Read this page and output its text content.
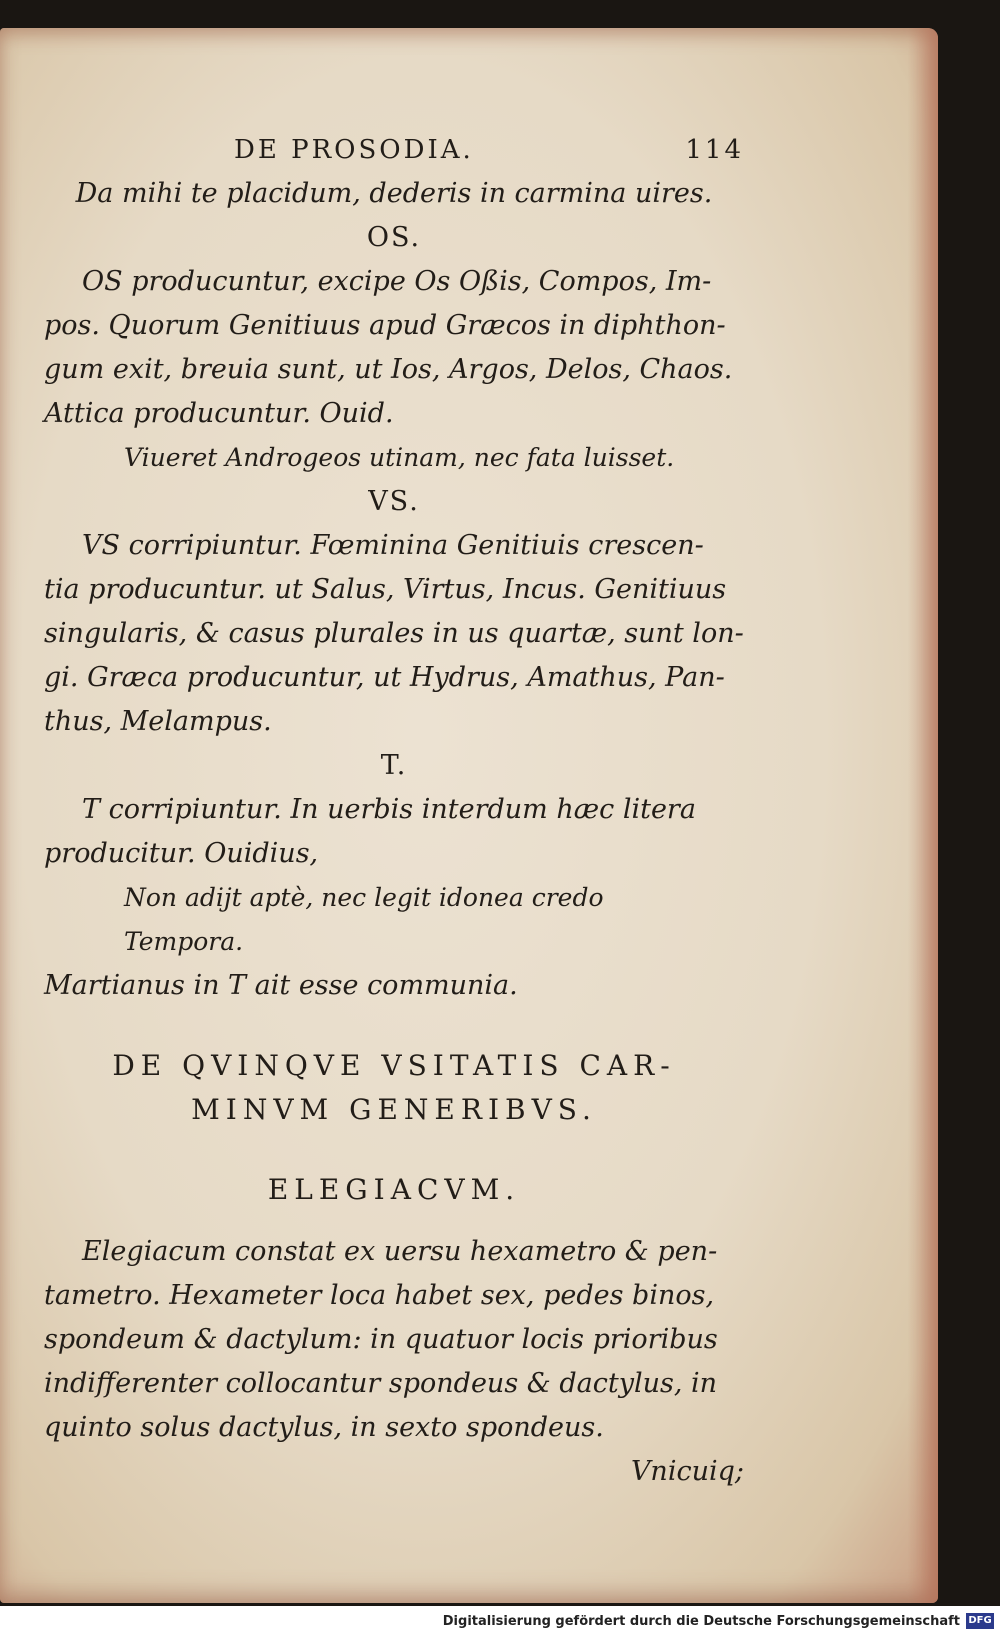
DE PROSODIA.	114
Da mihi te placidum, dederis in carmina uires.
OS.
OS producuntur, excipe Os Oßis, Compos, Im-
pos. Quorum Genitiuus apud Græcos in diphthon-
gum exit, breuia sunt, ut Ios, Argos, Delos, Chaos.
Attica producuntur. Ouid.
Viueret Androgeos utinam, nec fata luisset.
VS.
VS corripiuntur. Fœminina Genitiuis crescen-
tia producuntur. ut Salus, Virtus, Incus. Genitiuus
singularis, & casus plurales in us quartæ, sunt lon-
gi. Græca producuntur, ut Hydrus, Amathus, Pan-
thus, Melampus.
T.
T corripiuntur. In uerbis interdum hæc litera
producitur. Ouidius,
Non adijt aptè, nec legit idonea credo
Tempora.
Martianus in T ait esse communia.
DE QVINQVE VSITATIS CAR-
MINVM GENERIBVS.
ELEGIACVM.
Elegiacum constat ex uersu hexametro & pen-
tametro. Hexameter loca habet sex, pedes binos,
spondeum & dactylum: in quatuor locis prioribus
indifferenter collocantur spondeus & dactylus, in
quinto solus dactylus, in sexto spondeus.
Vnicuiq;
Digitalisierung gefördert durch die Deutsche Forschungsgemeinschaft DFG
